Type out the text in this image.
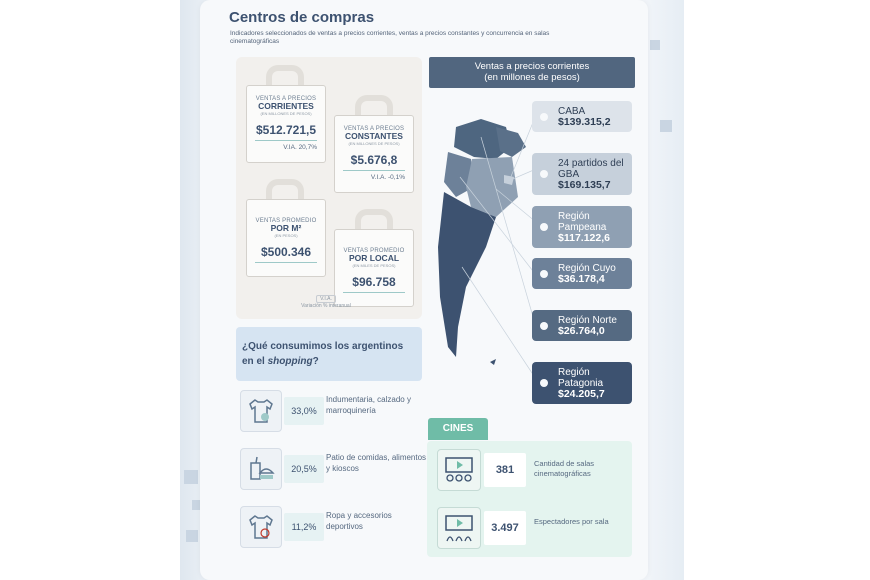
Centros de compras
Indicadores seleccionados de ventas a precios corrientes, ventas a precios constantes y concurrencia en salas cinematográficas
VENTAS A PRECIOS
CORRIENTES
(EN MILLONES DE PESOS)
$512.721,5
V.IA. 20,7%
VENTAS A PRECIOS
CONSTANTES
(EN MILLONES DE PESOS)
$5.676,8
V.I.A. -0,1%
VENTAS PROMEDIO
POR M²
(EN PESOS)
$500.346	VENTAS PROMEDIO
POR LOCAL
(EN MILES DE PESOS)
$96.758
V.I.A.
Variación % interanual
¿Qué consumimos los argentinos
en el shopping?
33,0%
Indumentaria, calzado y marroquinería
20,5%
Patio de comidas, alimentos y kioscos
11,2%
Ropa y accesorios deportivos
Ventas a precios corrientes
(en millones de pesos)
CABA
$139.315,2
24 partidos del GBA
$169.135,7
Región Pampeana
$117.122,6
Región Cuyo
$36.178,4
Región Norte
$26.764,0
Región Patagonia
$24.205,7
CINES
381
Cantidad de salas cinematográficas
3.497
Espectadores por sala
